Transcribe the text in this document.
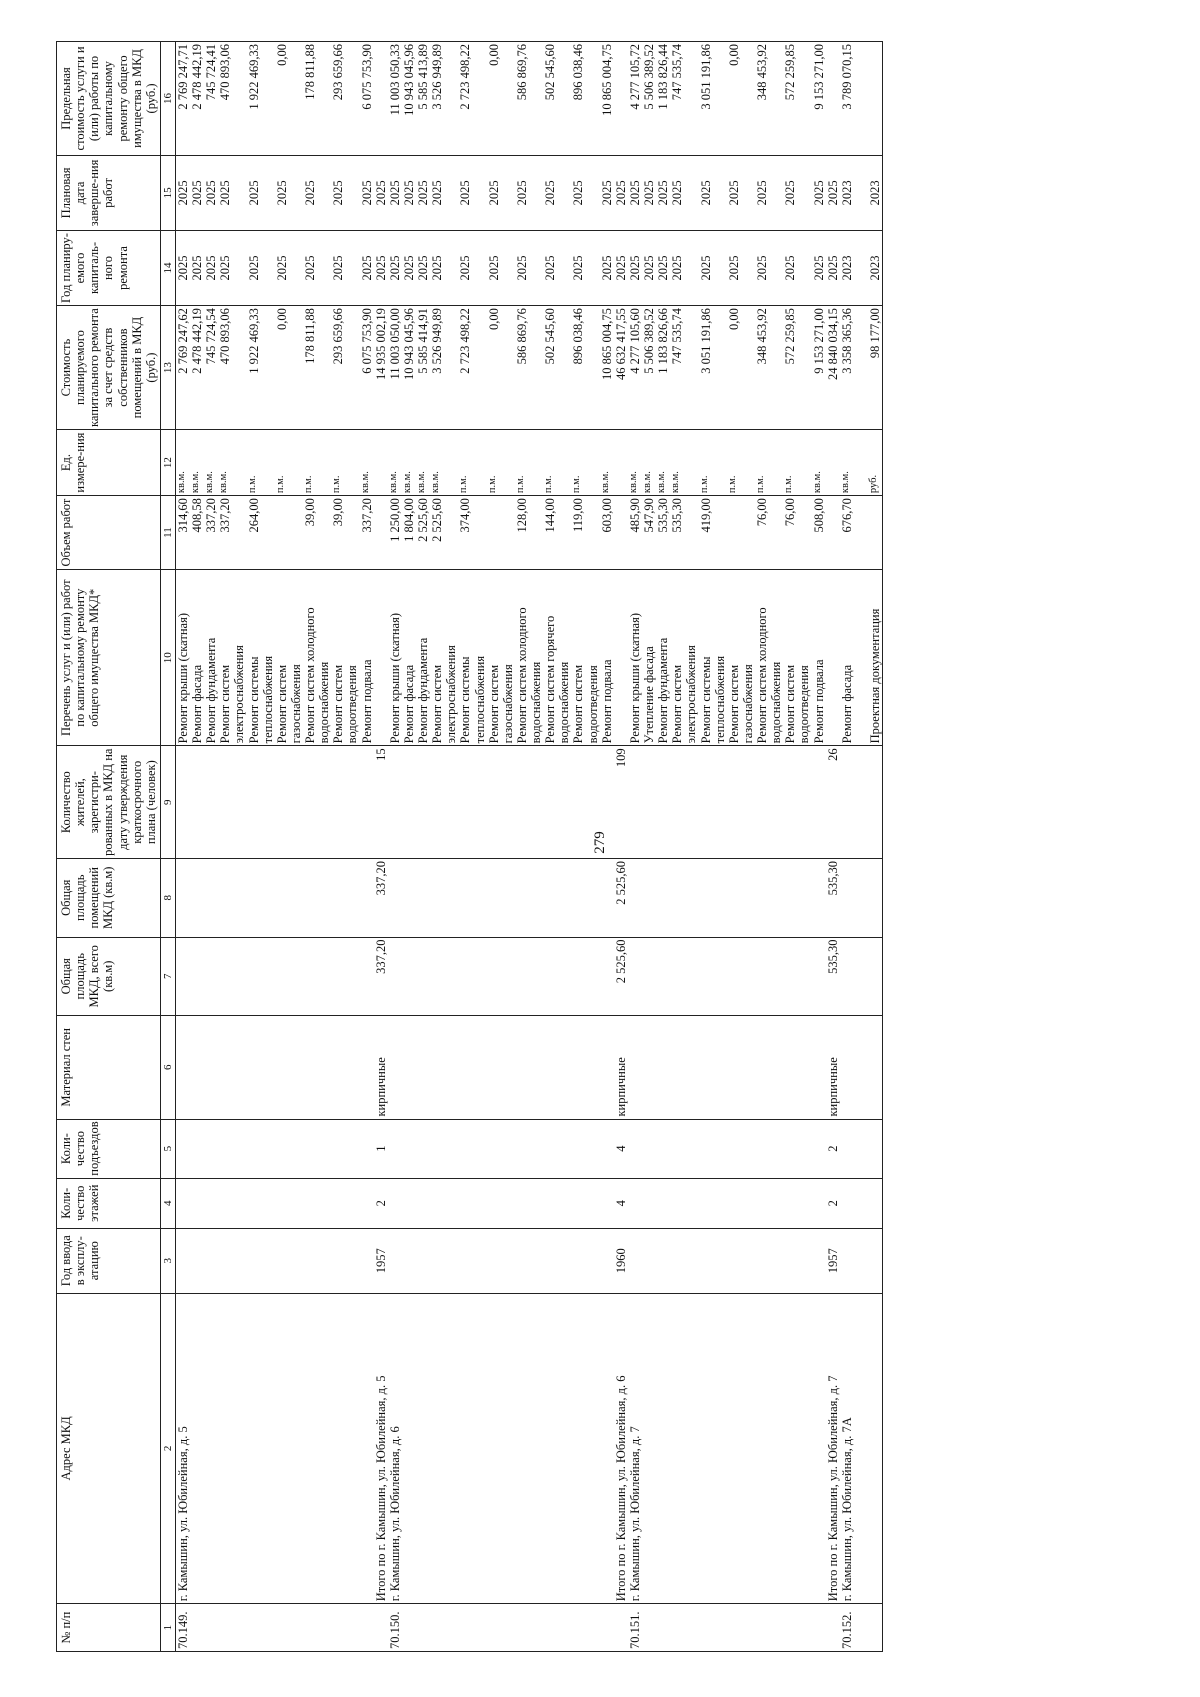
279
№ п/п	Адрес МКД	Год ввода в эксплу-атацию	Коли-чество этажей	Коли-чество подъездов	Материал стен	Общая площадь МКД, всего (кв.м)	Общая площадь помещений МКД (кв.м)	Количество жителей, зарегистри-рованных в МКД на дату утверждения краткосрочного плана (человек)	Перечень услуг и (или) работ по капитальному ремонту общего имущества МКД*	Объем работ	Ед. измере-ния	Стоимость планируемого капитального ремонта за счет средств собственников помещений в МКД (руб.)	Год планиру-емого капиталь-ного ремонта	Плановая дата заверше-ния работ	Предельная стоимость услуги и (или) работы по капитальному ремонту общего имущества в МКД (руб.)
1	2	3	4	5	6	7	8	9	10	11	12	13	14	15	16
70.149.	г. Камышин, ул. Юбилейная, д. 5								Ремонт крыши (скатная)	314,60	кв.м.	2 769 247,62	2025	2025	2 769 247,71
									Ремонт фасада	408,58	кв.м.	2 478 442,19	2025	2025	2 478 442,19
									Ремонт фундамента	337,20	кв.м.	745 724,54	2025	2025	745 724,41
									Ремонт систем	337,20	кв.м.	470 893,06	2025	2025	470 893,06
									электроснабжения						
									Ремонт системы	264,00	п.м.	1 922 469,33	2025	2025	1 922 469,33
									теплоснабжения						
									Ремонт систем		п.м.	0,00	2025	2025	0,00
									газоснабжения						
									Ремонт систем холодного	39,00	п.м.	178 811,88	2025	2025	178 811,88
									водоснабжения						
									Ремонт систем	39,00	п.м.	293 659,66	2025	2025	293 659,66
									водоотведения						
									Ремонт подвала	337,20	кв.м.	6 075 753,90	2025	2025	6 075 753,90
	Итого по г. Камышин, ул. Юбилейная, д. 5	1957	2	1	кирпичные	337,20	337,20	15				14 935 002,19	2025	2025	
70.150.	г. Камышин, ул. Юбилейная, д. 6								Ремонт крыши (скатная)	1 250,00	кв.м.	11 003 050,00	2025	2025	11 003 050,33
									Ремонт фасада	1 804,00	кв.м.	10 943 045,96	2025	2025	10 943 045,96
									Ремонт фундамента	2 525,60	кв.м.	5 585 414,91	2025	2025	5 585 413,89
									Ремонт систем	2 525,60	кв.м.	3 526 949,89	2025	2025	3 526 949,89
									электроснабжения						
									Ремонт системы	374,00	п.м.	2 723 498,22	2025	2025	2 723 498,22
									теплоснабжения						
									Ремонт систем		п.м.	0,00	2025	2025	0,00
									газоснабжения						
									Ремонт систем холодного	128,00	п.м.	586 869,76	2025	2025	586 869,76
									водоснабжения						
									Ремонт систем горячего	144,00	п.м.	502 545,60	2025	2025	502 545,60
									водоснабжения						
									Ремонт систем	119,00	п.м.	896 038,46	2025	2025	896 038,46
									водоотведения						
									Ремонт подвала	603,00	кв.м.	10 865 004,75	2025	2025	10 865 004,75
	Итого по г. Камышин, ул. Юбилейная, д. 6	1960	4	4	кирпичные	2 525,60	2 525,60	109				46 632 417,55	2025	2025	
70.151.	г. Камышин, ул. Юбилейная, д. 7								Ремонт крыши (скатная)	485,90	кв.м.	4 277 105,60	2025	2025	4 277 105,72
									Утепление фасада	547,90	кв.м.	5 506 389,52	2025	2025	5 506 389,52
									Ремонт фундамента	535,30	кв.м.	1 183 826,66	2025	2025	1 183 826,44
									Ремонт систем	535,30	кв.м.	747 535,74	2025	2025	747 535,74
									электроснабжения						
									Ремонт системы	419,00	п.м.	3 051 191,86	2025	2025	3 051 191,86
									теплоснабжения						
									Ремонт систем		п.м.	0,00	2025	2025	0,00
									газоснабжения						
									Ремонт систем холодного	76,00	п.м.	348 453,92	2025	2025	348 453,92
									водоснабжения						
									Ремонт систем	76,00	п.м.	572 259,85	2025	2025	572 259,85
									водоотведения						
									Ремонт подвала	508,00	кв.м.	9 153 271,00	2025	2025	9 153 271,00
	Итого по г. Камышин, ул. Юбилейная, д. 7	1957	2	2	кирпичные	535,30	535,30	26				24 840 034,15	2025	2025	
70.152.	г. Камышин, ул. Юбилейная, д. 7А								Ремонт фасада	676,70	кв.м.	3 358 365,36	2023	2023	3 789 070,15

									Проектная документация		руб.	98 177,00	2023	2023	
